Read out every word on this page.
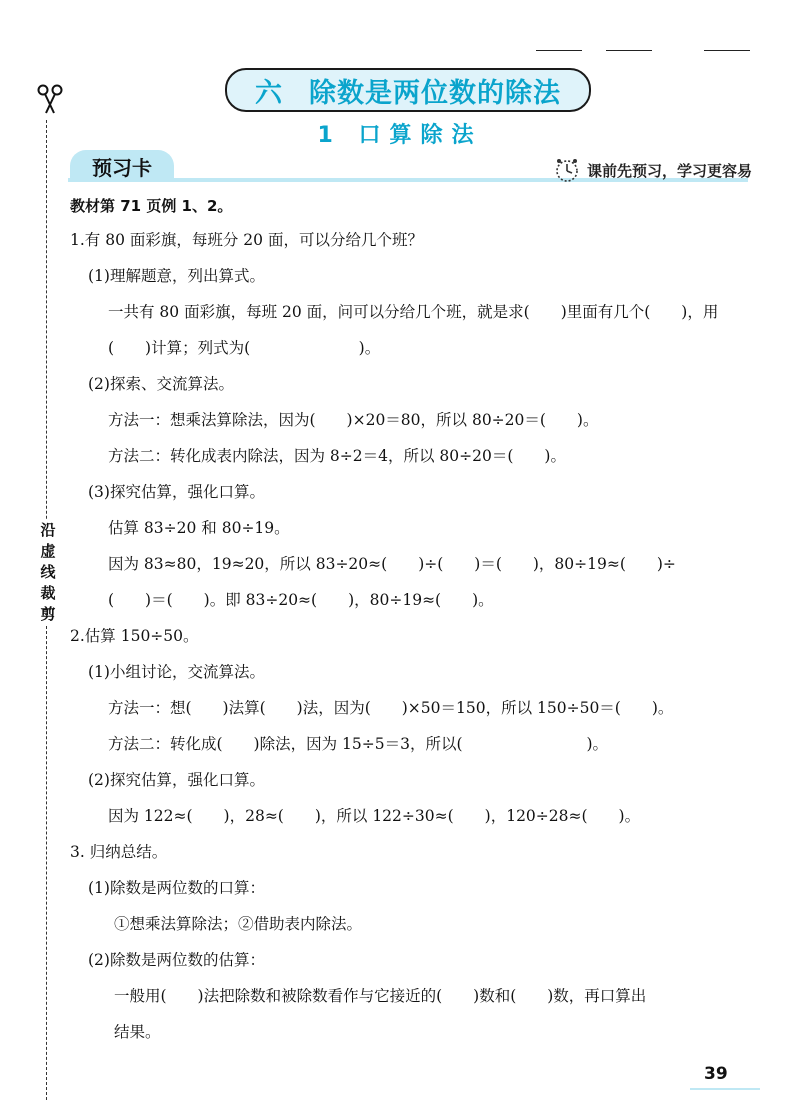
沿
虚
线
裁
剪
六 除数是两位数的除法
1 口算除法
预习卡	课前先预习，学习更容易
教材第 71 页例 1、2。
1.有 80 面彩旗，每班分 20 面，可以分给几个班？
(1)理解题意，列出算式。
一共有 80 面彩旗，每班 20 面，问可以分给几个班，就是求(　　)里面有几个(　　)，用
(　　)计算；列式为(　　　　　　　)。
(2)探索、交流算法。
方法一：想乘法算除法，因为(　　)×20＝80，所以 80÷20＝(　　)。
方法二：转化成表内除法，因为 8÷2＝4，所以 80÷20＝(　　)。
(3)探究估算，强化口算。
估算 83÷20 和 80÷19。
因为 83≈80，19≈20，所以 83÷20≈(　　)÷(　　)＝(　　)，80÷19≈(　　)÷
(　　)＝(　　)。即 83÷20≈(　　)，80÷19≈(　　)。
2.估算 150÷50。
(1)小组讨论，交流算法。
方法一：想(　　)法算(　　)法，因为(　　)×50＝150，所以 150÷50＝(　　)。
方法二：转化成(　　)除法，因为 15÷5＝3，所以(　　　　　　　　)。
(2)探究估算，强化口算。
因为 122≈(　　)，28≈(　　)，所以 122÷30≈(　　)，120÷28≈(　　)。
3. 归纳总结。
(1)除数是两位数的口算：
①想乘法算除法；②借助表内除法。
(2)除数是两位数的估算：
一般用(　　)法把除数和被除数看作与它接近的(　　)数和(　　)数，再口算出
结果。
39
